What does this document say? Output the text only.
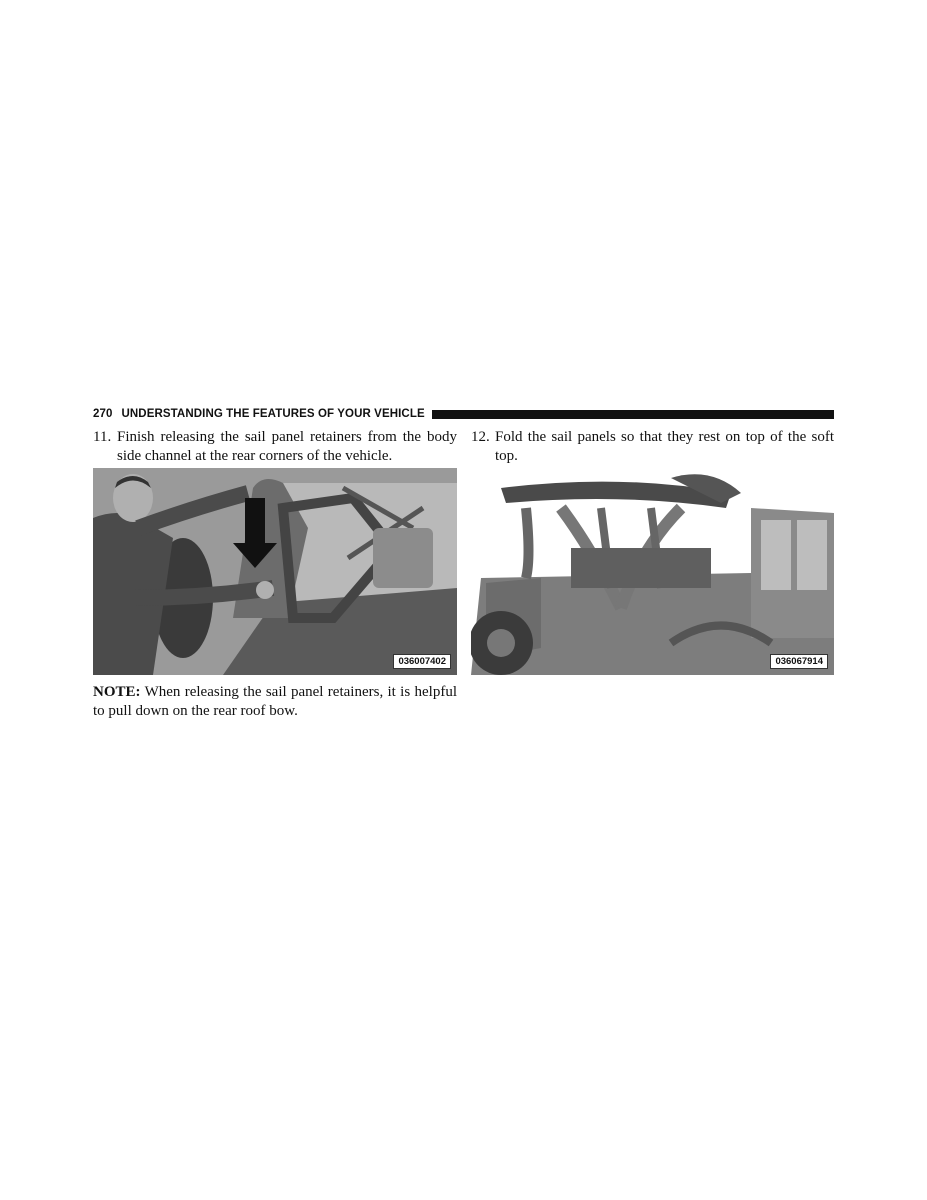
270 UNDERSTANDING THE FEATURES OF YOUR VEHICLE
11. Finish releasing the sail panel retainers from the body side channel at the rear corners of the vehicle.
12. Fold the sail panels so that they rest on top of the soft top.
036007402	036067914
NOTE: When releasing the sail panel retainers, it is helpful to pull down on the rear roof bow.
